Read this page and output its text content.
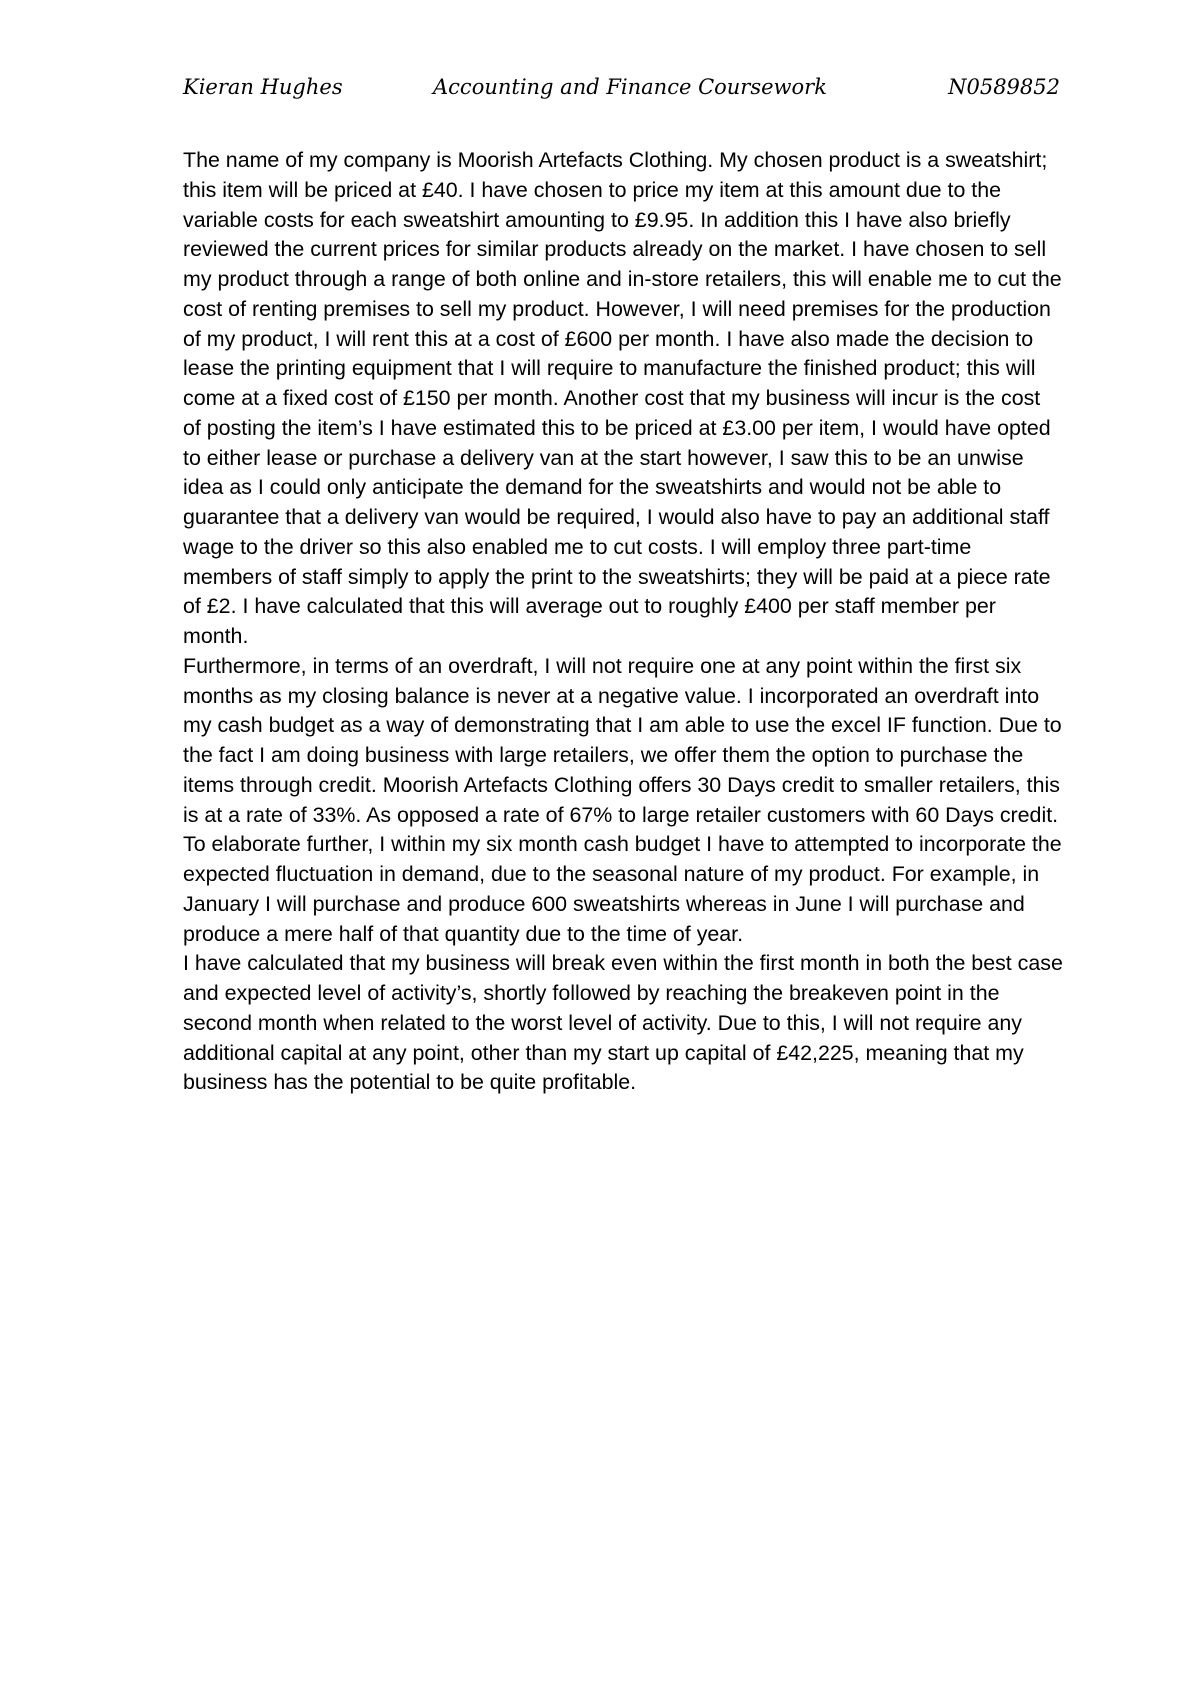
Kieran Hughes	Accounting and Finance Coursework	N0589852

The name of my company is Moorish Artefacts Clothing. My chosen product is a sweatshirt; this item will be priced at £40. I have chosen to price my item at this amount due to the variable costs for each sweatshirt amounting to £9.95. In addition this I have also briefly reviewed the current prices for similar products already on the market. I have chosen to sell my product through a range of both online and in-store retailers, this will enable me to cut the cost of renting premises to sell my product. However, I will need premises for the production of my product, I will rent this at a cost of £600 per month. I have also made the decision to lease the printing equipment that I will require to manufacture the finished product; this will come at a fixed cost of £150 per month. Another cost that my business will incur is the cost of posting the item’s I have estimated this to be priced at £3.00 per item, I would have opted to either lease or purchase a delivery van at the start however, I saw this to be an unwise idea as I could only anticipate the demand for the sweatshirts and would not be able to guarantee that a delivery van would be required, I would also have to pay an additional staff wage to the driver so this also enabled me to cut costs. I will employ three part-time members of staff simply to apply the print to the sweatshirts; they will be paid at a piece rate of £2. I have calculated that this will average out to roughly £400 per staff member per month.

Furthermore, in terms of an overdraft, I will not require one at any point within the first six months as my closing balance is never at a negative value. I incorporated an overdraft into my cash budget as a way of demonstrating that I am able to use the excel IF function. Due to the fact I am doing business with large retailers, we offer them the option to purchase the items through credit. Moorish Artefacts Clothing offers 30 Days credit to smaller retailers, this is at a rate of 33%. As opposed a rate of 67% to large retailer customers with 60 Days credit.

To elaborate further, I within my six month cash budget I have to attempted to incorporate the expected fluctuation in demand, due to the seasonal nature of my product. For example, in January I will purchase and produce 600 sweatshirts whereas in June I will purchase and produce a mere half of that quantity due to the time of year.

I have calculated that my business will break even within the first month in both the best case and expected level of activity’s, shortly followed by reaching the breakeven point in the second month when related to the worst level of activity. Due to this, I will not require any additional capital at any point, other than my start up capital of £42,225, meaning that my business has the potential to be quite profitable.
